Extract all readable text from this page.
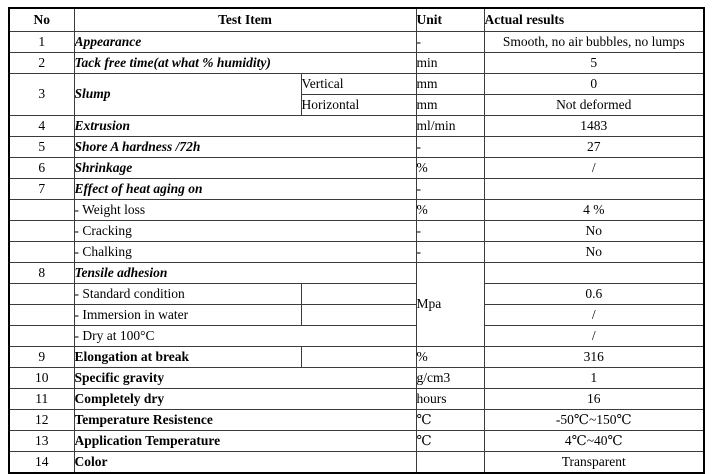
No	Test Item		Unit	Actual results
1	Appearance		-	Smooth, no air bubbles, no lumps
2	Tack free time(at what % humidity)		min	5
3	Slump	Vertical	mm	0
		Horizontal	mm	Not deformed
4	Extrusion		ml/min	1483
5	Shore A hardness /72h		-	27
6	Shrinkage		%	/
7	Effect of heat aging on		-	
	- Weight loss		%	4 %
	- Cracking		-	No
	- Chalking		-	No
8	Tensile adhesion		Mpa	
	- Standard condition			0.6
	- Immersion in water			/
	- Dry at 100°C			/
9	Elongation at break		%	316
10	Specific gravity		g/cm3	1
11	Completely dry		hours	16
12	Temperature Resistence		℃	-50℃~150℃
13	Application Temperature		℃	4℃~40℃
14	Color			Transparent
